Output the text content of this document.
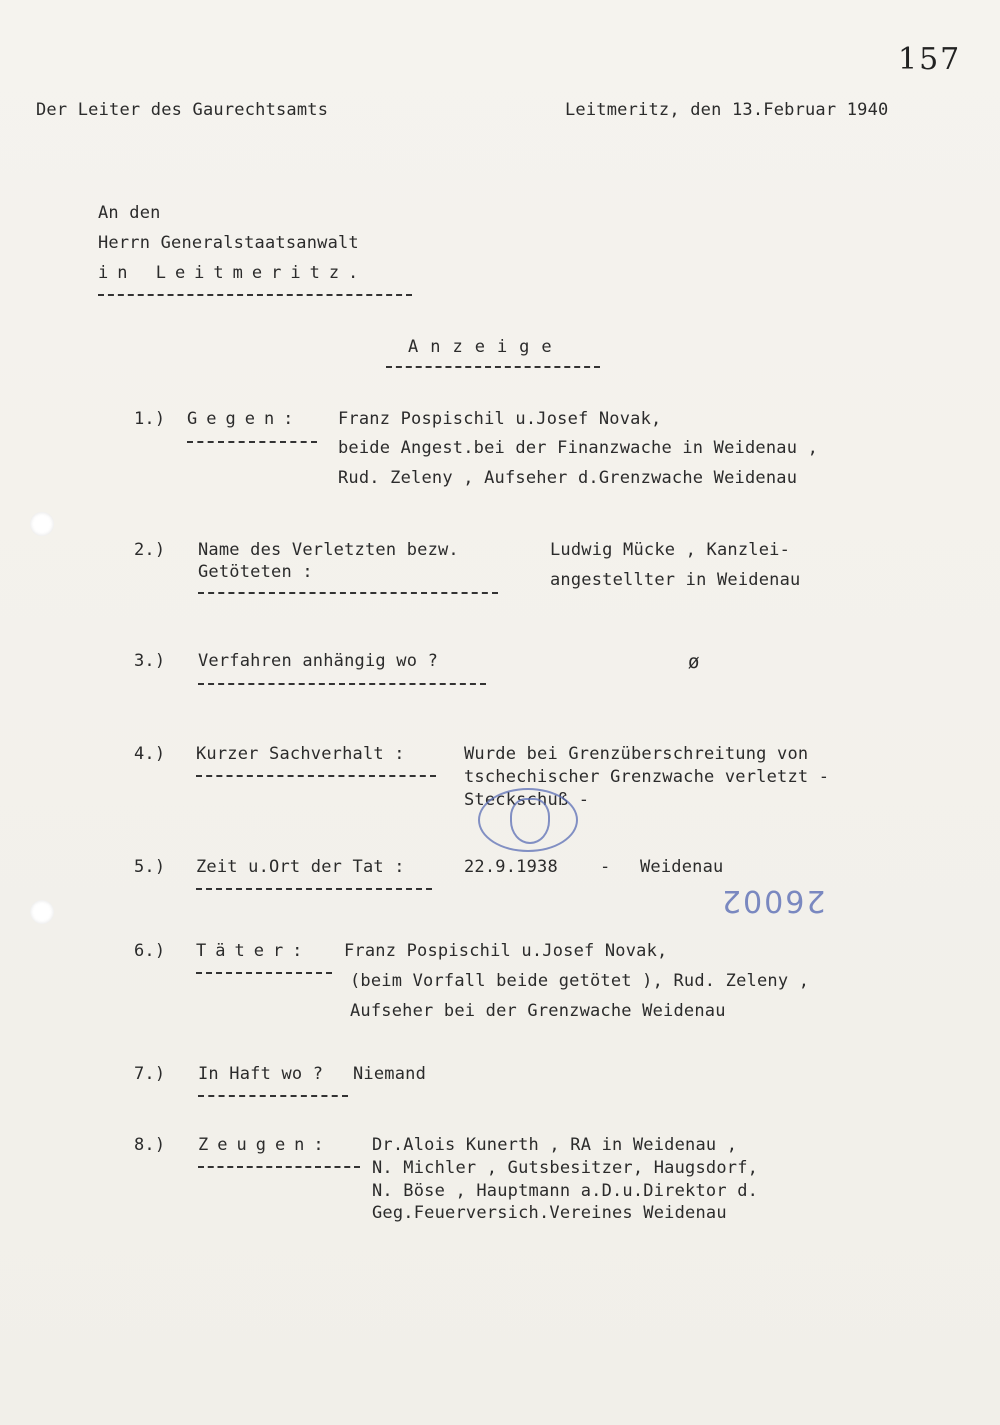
157
Der Leiter des Gaurechtsamts	Leitmeritz, den 13.Februar 1940
An den
Herrn Generalstaatsanwalt
in Leitmeritz.
Anzeige
1.) Gegen: Franz Pospischil u.Josef Novak,
beide Angest.bei der Finanzwache in Weidenau ,
Rud. Zeleny , Aufseher d.Grenzwache Weidenau
2.) Name des Verletzten bezw.
Getöteten :
Ludwig Mücke , Kanzlei-
angestellter in Weidenau
3.) Verfahren anhängig wo ?	ø
4.) Kurzer Sachverhalt :	Wurde bei Grenzüberschreitung von
tschechischer Grenzwache verletzt -
Steckschuß -
5.) Zeit u.Ort der Tat :	22.9.1938 - Weidenau
26002
6.) Täter: Franz Pospischil u.Josef Novak,
(beim Vorfall beide getötet ), Rud. Zeleny ,
Aufseher bei der Grenzwache Weidenau
7.) In Haft wo ? Niemand
8.) Zeugen: Dr.Alois Kunerth , RA in Weidenau ,
N. Michler , Gutsbesitzer, Haugsdorf,
N. Böse , Hauptmann a.D.u.Direktor d.
Geg.Feuerversich.Vereines Weidenau
